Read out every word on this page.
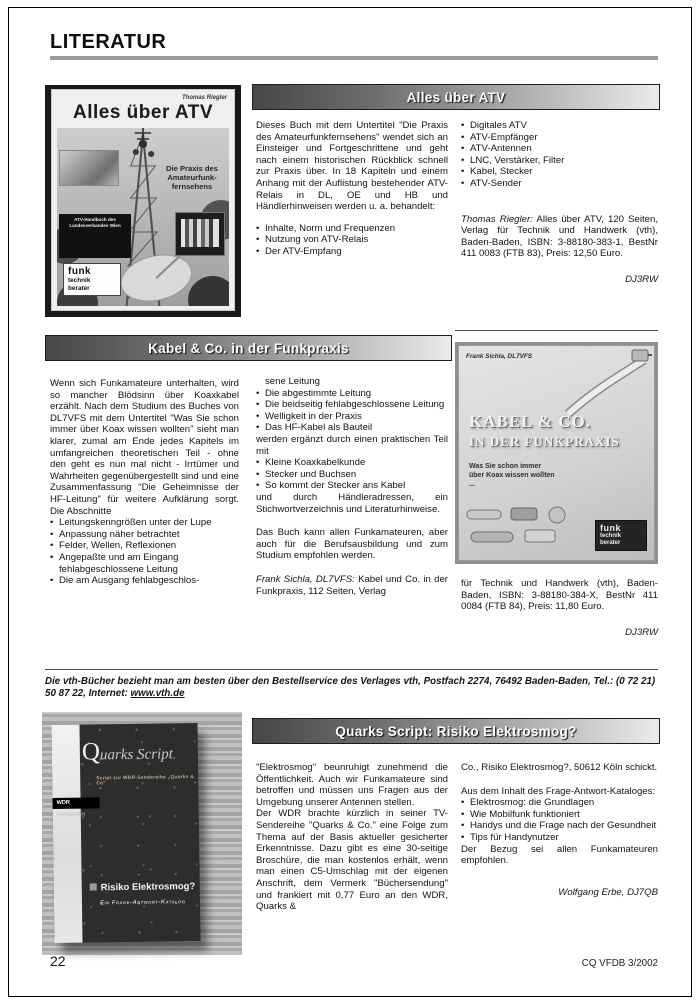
LITERATUR
Thomas Riegler
Alles über ATV
Die Praxis des Amateurfunk- fernsehens
ATV-Handbuch des Landesverbandes Wien
funk
technik
berater
Alles über ATV

Dieses Buch mit dem Untertitel "Die Praxis des Amateurfunkfernsehens" wendet sich an Einsteiger und Fortgeschrittene und geht nach einem historischen Rückblick schnell zur Praxis über. In 18 Kapiteln und einem Anhang mit der Auflistung bestehender ATV-Relais in DL, OE und HB und Händlerhinweisen werden u. a. behandelt:

• Inhalte, Norm und Frequenzen
• Nutzung von ATV-Relais
• Der ATV-Empfang
• Digitales ATV
• ATV-Empfänger
• ATV-Antennen
• LNC, Verstärker, Filter
• Kabel, Stecker
• ATV-Sender

Thomas Riegler: Alles über ATV, 120 Seiten, Verlag für Technik und Handwerk (vth), Baden-Baden, ISBN: 3-88180-383-1, BestNr 411 0083 (FTB 83), Preis: 12,50 Euro.

DJ3RW
Kabel & Co. in der Funkpraxis
Frank Sichla, DL7VFS
KABEL & CO.
IN DER FUNKPRAXIS
Was Sie schon immer über Koax wissen wollten ...
funk
technik
berater

Wenn sich Funkamateure unterhalten, wird so mancher Blödsinn über Koaxkabel erzählt. Nach dem Studium des Buches von DL7VFS mit dem Untertitel "Was Sie schon immer über Koax wissen wollten" sieht man klarer, zumal am Ende jedes Kapitels im umfangreichen theoretischen Teil - ohne den geht es nun mal nicht - Irrtümer und Wahrheiten gegenübergestellt sind und eine Zusammenfassung "Die Geheimnisse der HF-Leitung" für weitere Aufklärung sorgt. Die Abschnitte

• Leitungskenngrößen unter der Lupe
• Anpassung näher betrachtet
• Felder, Wellen, Reflexionen
• Angepaßte und am Eingang fehlabgeschlossene Leitung
• Die am Ausgang fehlabgeschlos-
sene Leitung
• Die abgestimmte Leitung
• Die beidseitig fehlabgeschlossene Leitung
• Welligkeit in der Praxis
• Das HF-Kabel als Bauteil

werden ergänzt durch einen praktischen Teil mit

• Kleine Koaxkabelkunde
• Stecker und Buchsen
• So kommt der Stecker ans Kabel

und durch Händleradressen, ein Stichwortverzeichnis und Literaturhinweise.

Das Buch kann allen Funkamateuren, aber auch für die Berufsausbildung und zum Studium empfohlen werden.

Frank Sichla, DL7VFS: Kabel und Co. in der Funkpraxis, 112 Seiten, Verlag

für Technik und Handwerk (vth), Baden-Baden, ISBN: 3-88180-384-X, BestNr 411 0084 (FTB 84), Preis: 11,80 Euro.

DJ3RW
Die vth-Bücher bezieht man am besten über den Bestellservice des Verlages vth, Postfach 2274, 76492 Baden-Baden, Tel.: (0 72 21) 50 87 22, Internet: www.vth.de
Quarks Script
Script zur WDR-Sendereihe „Quarks & Co"
WDR FERNSEHEN
Risiko Elektrosmog?
Ein Frage-Antwort-Katalog
Quarks Script: Risiko Elektrosmog?

"Elektrosmog" beunruhigt zunehmend die Öffentlichkeit. Auch wir Funkamateure sind betroffen und müssen uns Fragen aus der Umgebung unserer Antennen stellen.

Der WDR brachte kürzlich in seiner TV-Sendereihe "Quarks & Co." eine Folge zum Thema auf der Basis aktueller gesicherter Erkenntnisse. Dazu gibt es eine 30-seitige Broschüre, die man kostenlos erhält, wenn man einen C5-Umschlag mit der eigenen Anschrift, dem Vermerk "Büchersendung" und frankiert mit 0,77 Euro an den WDR, Quarks &

Co., Risiko Elektrosmog?, 50612 Köln schickt.

Aus dem Inhalt des Frage-Antwort-Kataloges:

• Elektrosmog: die Grundlagen
• Wie Mobilfunk funktioniert
• Handys und die Frage nach der Gesundheit
• Tips für Handynutzer

Der Bezug sei allen Funkamateuren empfohlen.

Wolfgang Erbe, DJ7QB
22	CQ VFDB 3/2002
